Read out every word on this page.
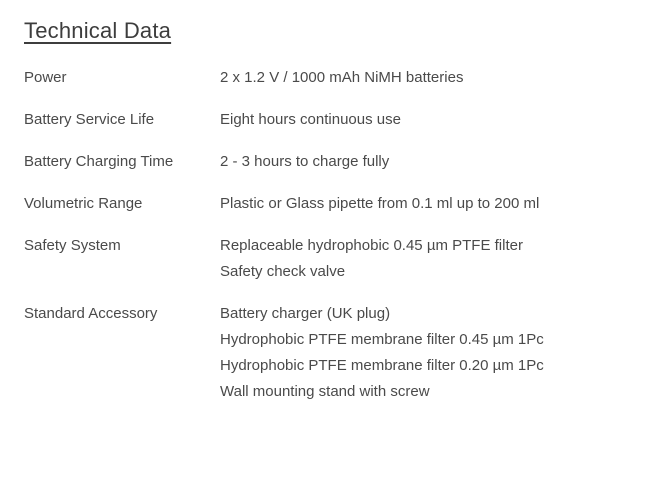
Technical Data
Power	2 x 1.2 V / 1000 mAh NiMH batteries

Battery Service Life	Eight hours continuous use

Battery Charging Time	2 - 3 hours to charge fully

Volumetric Range	Plastic or Glass pipette from 0.1 ml up to 200 ml

Safety System	Replaceable hydrophobic 0.45 µm PTFE filter
Safety check valve

Standard Accessory	Battery charger (UK plug)
Hydrophobic PTFE membrane filter 0.45 µm 1Pc
Hydrophobic PTFE membrane filter 0.20 µm 1Pc
Wall mounting stand with screw
